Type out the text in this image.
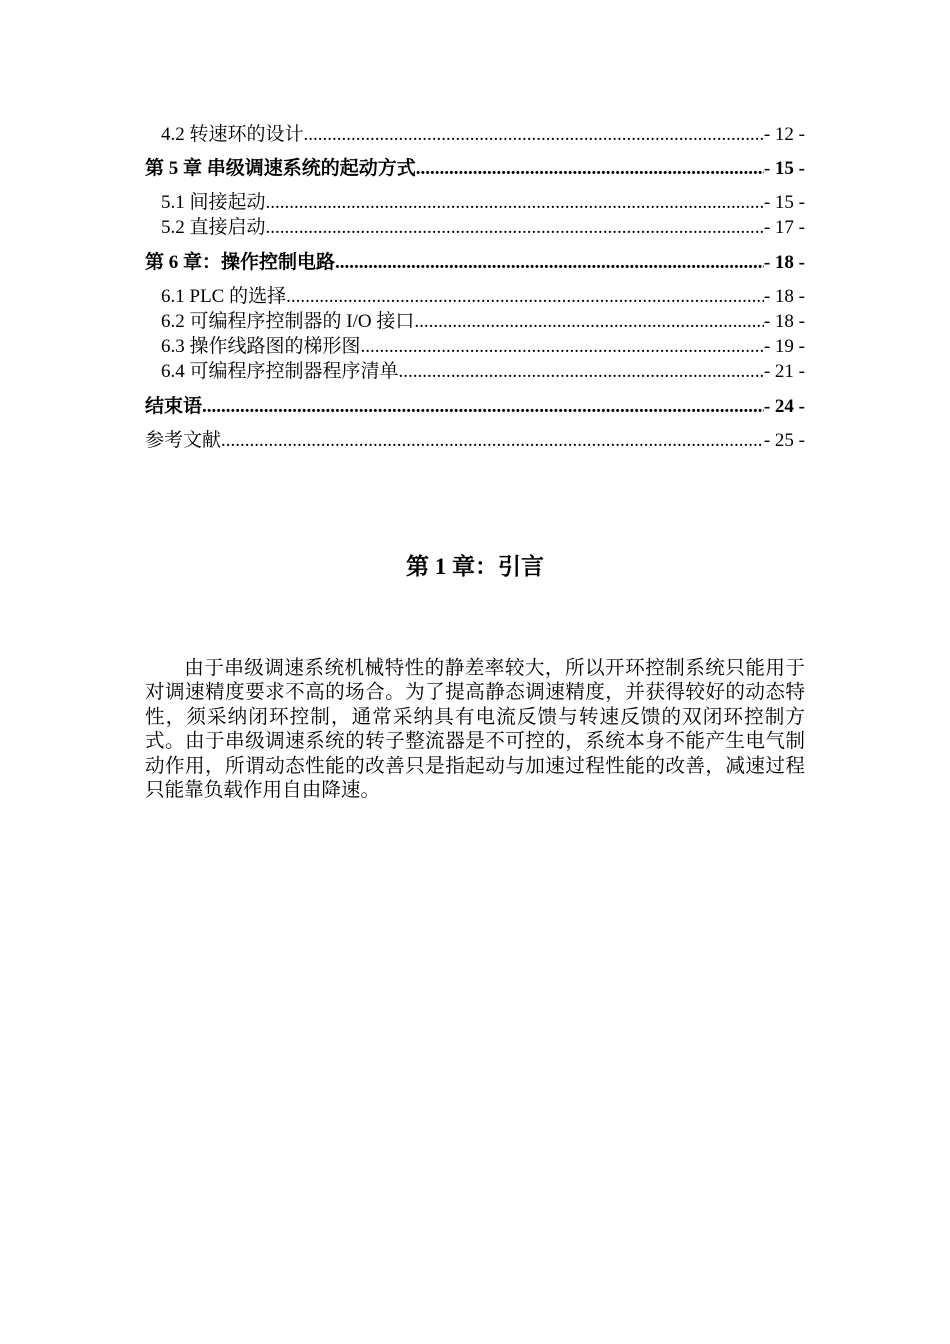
4.2 转速环的设计 .....	- 12 -
第 5 章 串级调速系统的起动方式 .....	- 15 -
5.1 间接起动 .....	- 15 -
5.2 直接启动 .....	- 17 -
第 6 章：操作控制电路 .....	- 18 -
6.1 PLC 的选择 .....	- 18 -
6.2 可编程序控制器的 I/O 接口 .....	- 18 -
6.3 操作线路图的梯形图 .....	- 19 -
6.4 可编程序控制器程序清单 .....	- 21 -
结束语 .....	- 24 -
参考文献 .....	- 25 -
第 1 章：引言

由于串级调速系统机械特性的静差率较大，所以开环控制系统只能用于对调速精度要求不高的场合。为了提高静态调速精度，并获得较好的动态特性，须采纳闭环控制，通常采纳具有电流反馈与转速反馈的双闭环控制方式。由于串级调速系统的转子整流器是不可控的，系统本身不能产生电气制动作用，所谓动态性能的改善只是指起动与加速过程性能的改善，减速过程只能靠负载作用自由降速。
